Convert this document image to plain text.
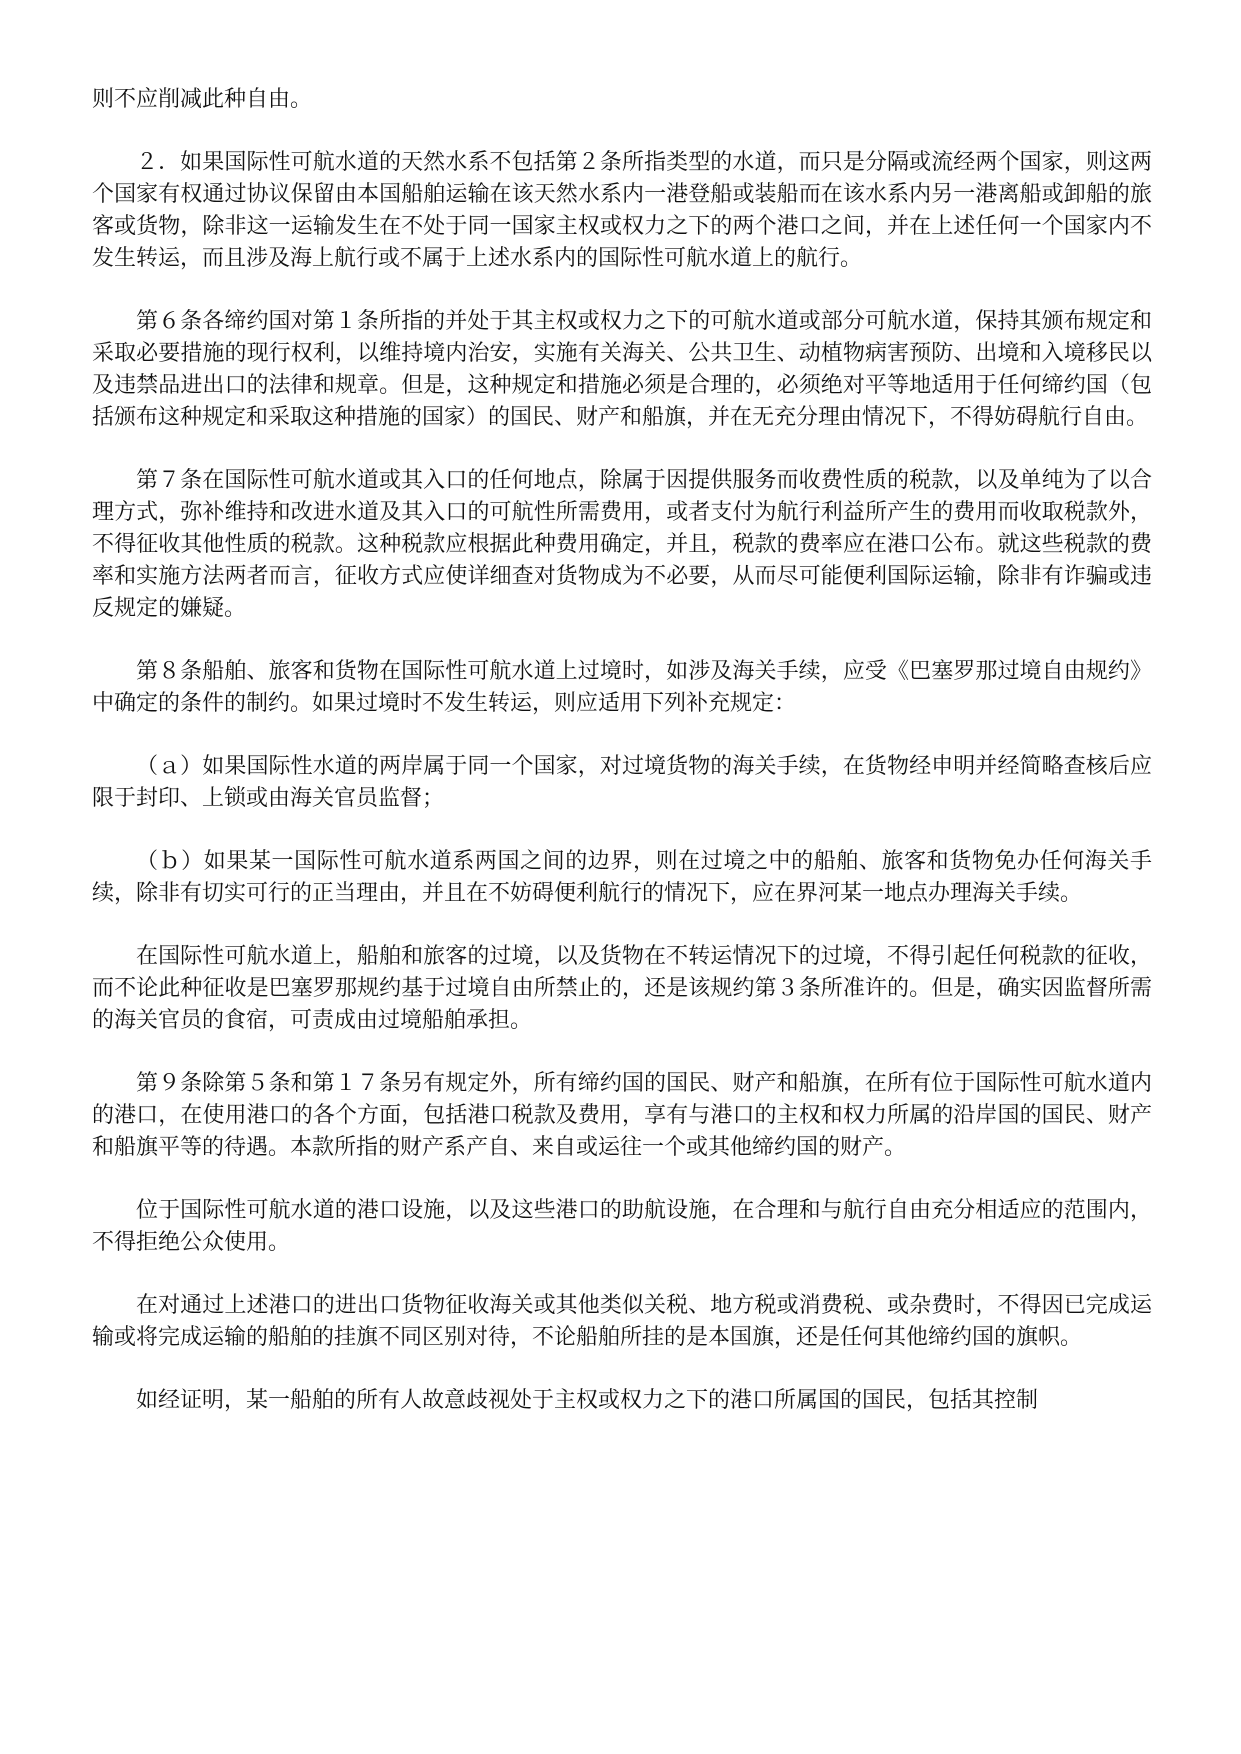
则不应削减此种自由。

２．如果国际性可航水道的天然水系不包括第２条所指类型的水道，而只是分隔或流经两个国家，则这两个国家有权通过协议保留由本国船舶运输在该天然水系内一港登船或装船而在该水系内另一港离船或卸船的旅客或货物，除非这一运输发生在不处于同一国家主权或权力之下的两个港口之间，并在上述任何一个国家内不发生转运，而且涉及海上航行或不属于上述水系内的国际性可航水道上的航行。

第６条各缔约国对第１条所指的并处于其主权或权力之下的可航水道或部分可航水道，保持其颁布规定和采取必要措施的现行权利，以维持境内治安，实施有关海关、公共卫生、动植物病害预防、出境和入境移民以及违禁品进出口的法律和规章。但是，这种规定和措施必须是合理的，必须绝对平等地适用于任何缔约国（包括颁布这种规定和采取这种措施的国家）的国民、财产和船旗，并在无充分理由情况下，不得妨碍航行自由。

第７条在国际性可航水道或其入口的任何地点，除属于因提供服务而收费性质的税款，以及单纯为了以合理方式，弥补维持和改进水道及其入口的可航性所需费用，或者支付为航行利益所产生的费用而收取税款外，不得征收其他性质的税款。这种税款应根据此种费用确定，并且，税款的费率应在港口公布。就这些税款的费率和实施方法两者而言，征收方式应使详细查对货物成为不必要，从而尽可能便利国际运输，除非有诈骗或违反规定的嫌疑。

第８条船舶、旅客和货物在国际性可航水道上过境时，如涉及海关手续，应受《巴塞罗那过境自由规约》中确定的条件的制约。如果过境时不发生转运，则应适用下列补充规定：

（ａ）如果国际性水道的两岸属于同一个国家，对过境货物的海关手续，在货物经申明并经简略查核后应限于封印、上锁或由海关官员监督；

（ｂ）如果某一国际性可航水道系两国之间的边界，则在过境之中的船舶、旅客和货物免办任何海关手续，除非有切实可行的正当理由，并且在不妨碍便利航行的情况下，应在界河某一地点办理海关手续。

在国际性可航水道上，船舶和旅客的过境，以及货物在不转运情况下的过境，不得引起任何税款的征收，而不论此种征收是巴塞罗那规约基于过境自由所禁止的，还是该规约第３条所准许的。但是，确实因监督所需的海关官员的食宿，可责成由过境船舶承担。

第９条除第５条和第１７条另有规定外，所有缔约国的国民、财产和船旗，在所有位于国际性可航水道内的港口，在使用港口的各个方面，包括港口税款及费用，享有与港口的主权和权力所属的沿岸国的国民、财产和船旗平等的待遇。本款所指的财产系产自、来自或运往一个或其他缔约国的财产。

位于国际性可航水道的港口设施，以及这些港口的助航设施，在合理和与航行自由充分相适应的范围内，不得拒绝公众使用。

在对通过上述港口的进出口货物征收海关或其他类似关税、地方税或消费税、或杂费时，不得因已完成运输或将完成运输的船舶的挂旗不同区别对待，不论船舶所挂的是本国旗，还是任何其他缔约国的旗帜。

如经证明，某一船舶的所有人故意歧视处于主权或权力之下的港口所属国的国民，包括其控制
